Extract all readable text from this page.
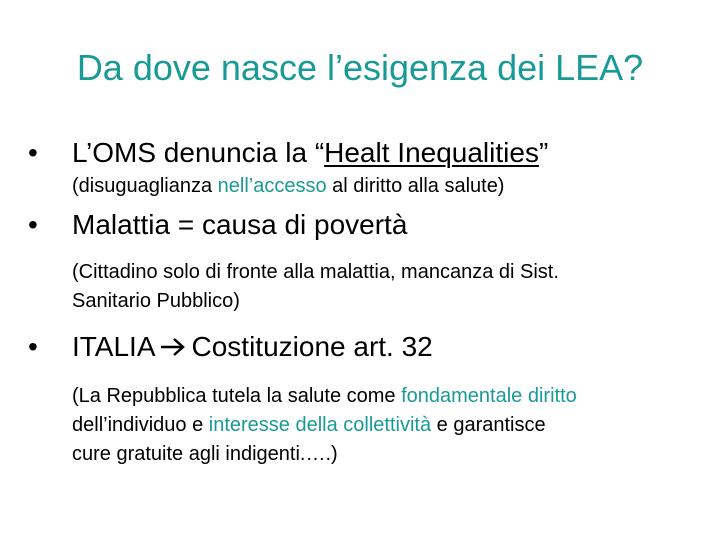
Da dove nasce l’esigenza dei LEA?
• L’OMS denuncia la “Healt Inequalities”
(disuguaglianza nell’accesso al diritto alla salute)
• Malattia = causa di povertà
(Cittadino solo di fronte alla malattia, mancanza di Sist.
Sanitario Pubblico)
• ITALIA Costituzione art. 32
(La Repubblica tutela la salute come fondamentale diritto
dell’individuo e interesse della collettività e garantisce
cure gratuite agli indigenti.….)
